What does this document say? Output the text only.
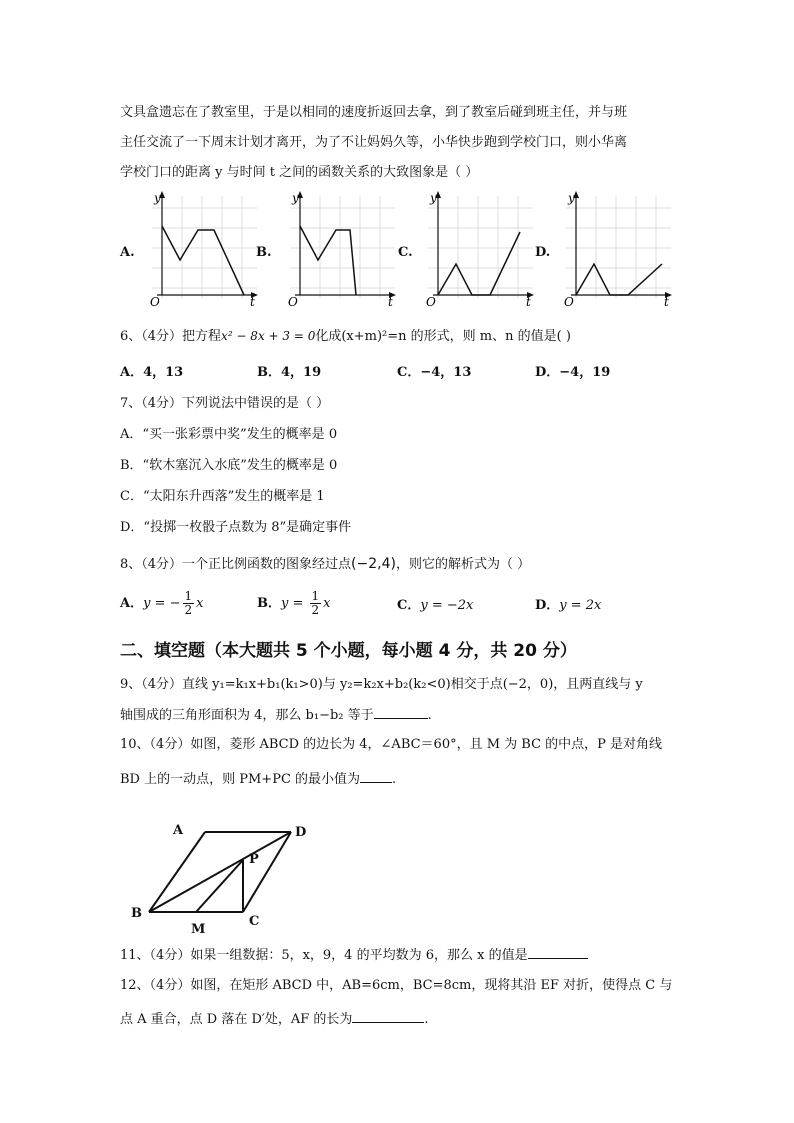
文具盒遗忘在了教室里，于是以相同的速度折返回去拿，到了教室后碰到班主任，并与班
主任交流了一下周末计划才离开，为了不让妈妈久等，小华快步跑到学校门口，则小华离
学校门口的距离 y 与时间 t 之间的函数关系的大致图象是（ ）
A.	B.	C.	D.
y
t
O
y
t
O
y
t
O
y
t
O
6、（4分）把方程x² − 8x + 3 = 0化成(x+m)²=n 的形式，则 m、n 的值是( )
A．4，13	B．4，19	C．−4，13	D．−4，19
7、（4分）下列说法中错误的是（ ）
A．“买一张彩票中奖”发生的概率是 0
B．“软木塞沉入水底”发生的概率是 0
C．“太阳东升西落”发生的概率是 1
D．“投掷一枚骰子点数为 8”是确定事件
8、（4分）一个正比例函数的图象经过点(−2,4)，则它的解析式为（ ）
A．y = − $\frac{1}{2}$ x	B．$y = \frac{1}{2}$ x	C．y = −2x	D．y = 2x
二、填空题（本大题共 5 个小题，每小题 4 分，共 20 分）
9、（4分）直线 y₁=k₁x+b₁(k₁>0)与 y₂=k₂x+b₂(k₂<0)相交于点(−2，0)，且两直线与 y
轴围成的三角形面积为 4，那么 b₁−b₂ 等于	.
10、（4分）如图，菱形 ABCD 的边长为 4，∠ABC＝60°，且 M 为 BC 的中点，P 是对角线
BD 上的一动点，则 PM+PC 的最小值为 .
A	D
P
B
C
M
11、（4分）如果一组数据：5，x，9，4 的平均数为 6，那么 x 的值是
12、（4分）如图，在矩形 ABCD 中，AB=6cm，BC=8cm，现将其沿 EF 对折，使得点 C 与
点 A 重合，点 D 落在 D′处，AF 的长为	.
